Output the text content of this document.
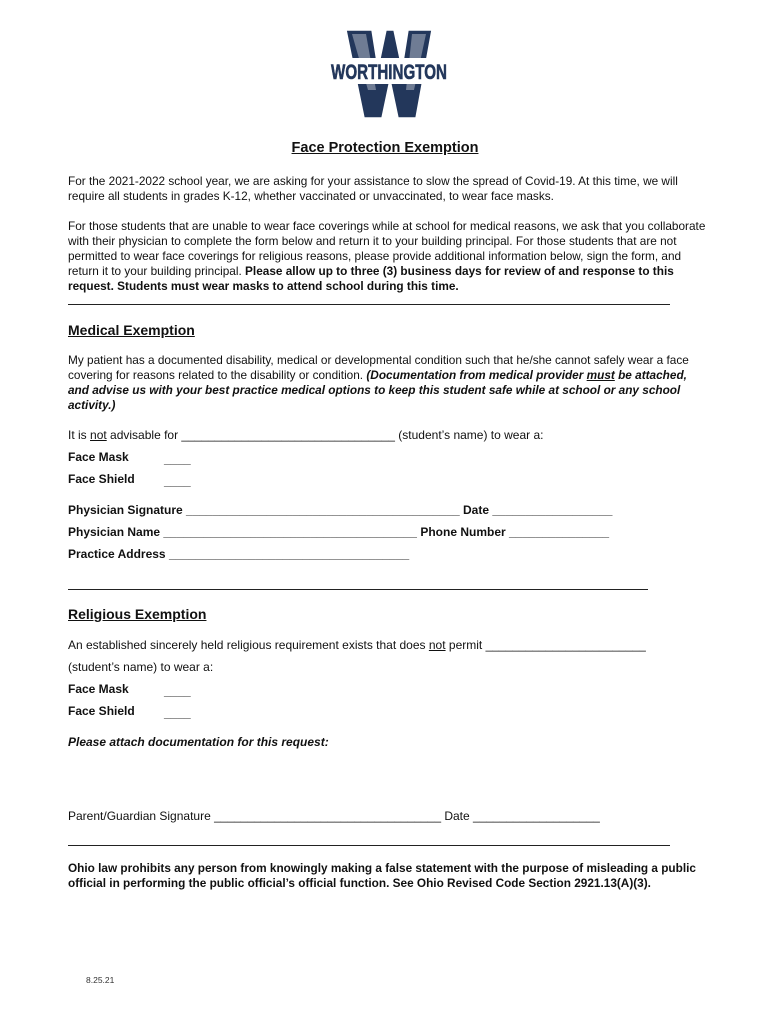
WORTHINGTON
Face Protection Exemption
For the 2021-2022 school year, we are asking for your assistance to slow the spread of Covid-19. At this time, we will require all students in grades K-12, whether vaccinated or unvaccinated, to wear face masks.
For those students that are unable to wear face coverings while at school for medical reasons, we ask that you collaborate with their physician to complete the form below and return it to your building principal. For those students that are not permitted to wear face coverings for religious reasons, please provide additional information below, sign the form, and return it to your building principal. Please allow up to three (3) business days for review of and response to this request. Students must wear masks to attend school during this time.
Medical Exemption
My patient has a documented disability, medical or developmental condition such that he/she cannot safely wear a face covering for reasons related to the disability or condition. (Documentation from medical provider must be attached, and advise us with your best practice medical options to keep this student safe while at school or any school activity.)
It is not advisable for ________________________________ (student’s name) to wear a:
Face Mask	____
Face Shield ____
Physician Signature _________________________________________ Date __________________
Physician Name ______________________________________ Phone Number _______________
Practice Address ____________________________________
Religious Exemption
An established sincerely held religious requirement exists that does not permit ________________________
(student’s name) to wear a:
Face Mask	____
Face Shield ____
Please attach documentation for this request:
Parent/Guardian Signature __________________________________ Date ___________________
Ohio law prohibits any person from knowingly making a false statement with the purpose of misleading a public official in performing the public official’s official function. See Ohio Revised Code Section 2921.13(A)(3).
8.25.21
